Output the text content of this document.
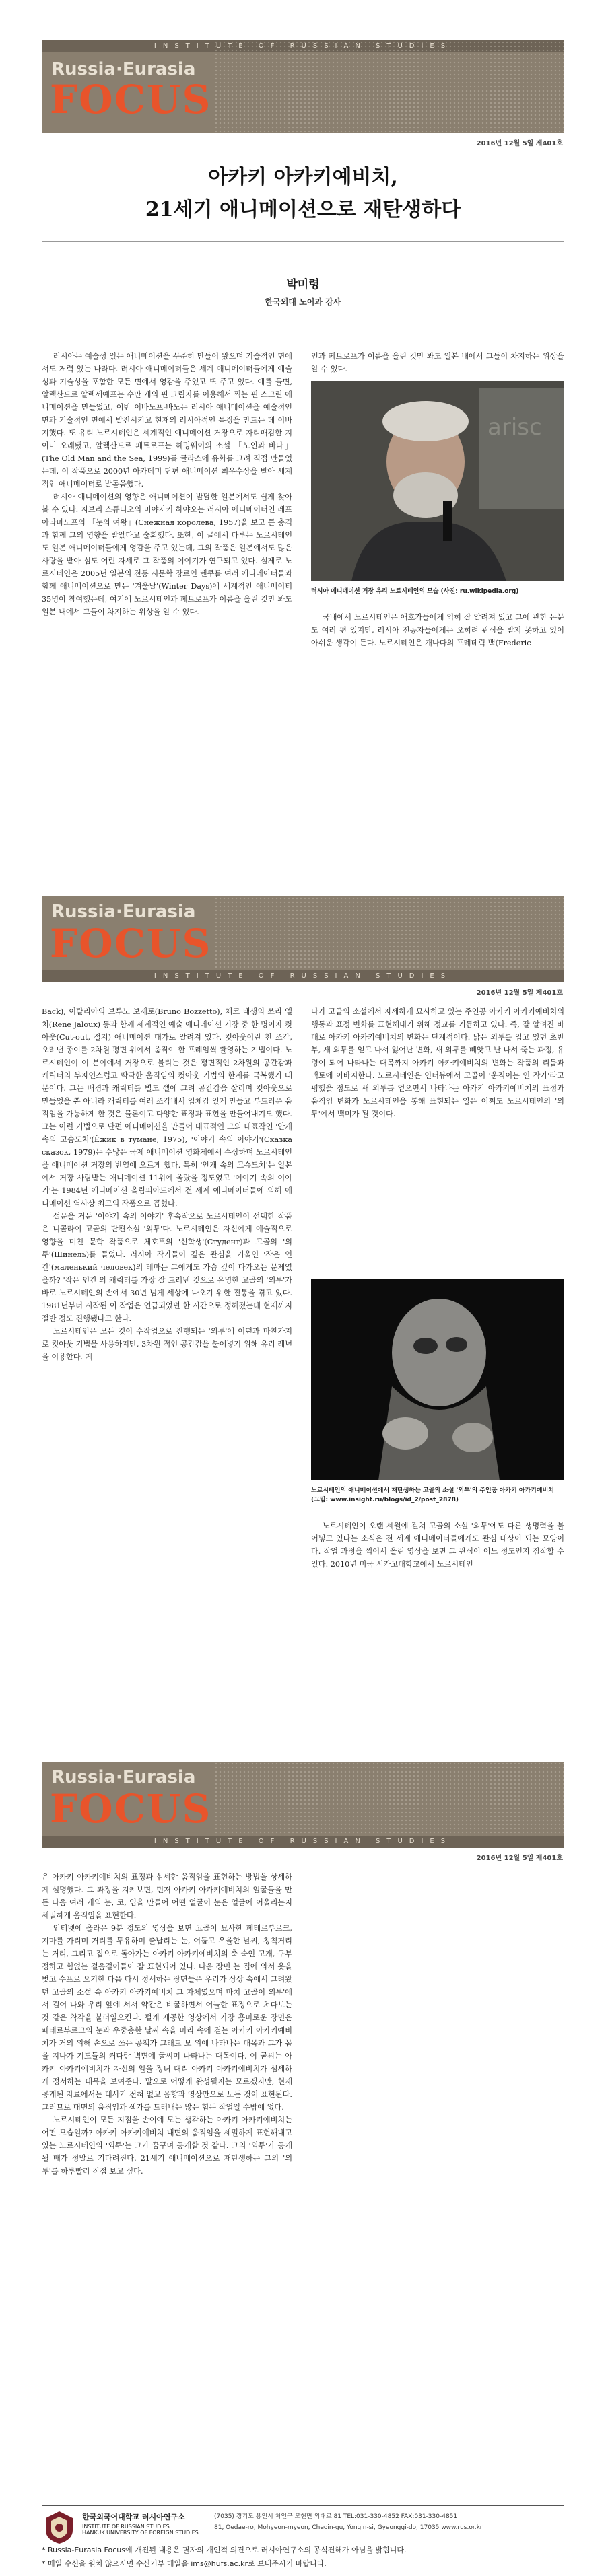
INSTITUTE OF RUSSIAN STUDIES
Russia·Eurasia
FOCUS
2016년 12월 5일 제401호
아카키 아카키예비치,
21세기 애니메이션으로 재탄생하다
박미령
한국외대 노어과 강사

러시아는 예술성 있는 애니메이션을 꾸준히 만들어 왔으며 기술적인 면에서도 저력 있는 나라다. 러시아 애니메이터들은 세계 애니메이터들에게 예술성과 기술성을 포함한 모든 면에서 영감을 주었고 또 주고 있다. 예를 들면, 알렉산드르 알렉세예프는 수만 개의 핀 그림자를 이용해서 찍는 핀 스크린 애니메이션을 만들었고, 이반 이바노프-바노는 러시아 애니메이션을 예술적인 면과 기술적인 면에서 발전시키고 현재의 러시아적인 특징을 만드는 데 이바지했다. 또 유리 노르시테인은 세계적인 애니메이션 거장으로 자리매김한 지 이미 오래됐고, 알렉산드르 페트로프는 헤밍웨이의 소설 「노인과 바다」(The Old Man and the Sea, 1999)를 글라스에 유화를 그려 직접 만들었는데, 이 작품으로 2000년 아카데미 단편 애니메이션 최우수상을 받아 세계적인 애니메이터로 발돋움했다.

러시아 애니메이션의 영향은 애니메이션이 발달한 일본에서도 쉽게 찾아볼 수 있다. 지브리 스튜디오의 미야자키 하야오는 러시아 애니메이터인 레프 아타마노프의 「눈의 여왕」(Снежная королева, 1957)을 보고 큰 충격과 함께 그의 영향을 받았다고 술회했다. 또한, 이 글에서 다루는 노르시테인도 일본 애니메이터들에게 영감을 주고 있는데, 그의 작품은 일본에서도 많은 사랑을 받아 심도 어린 자세로 그 작품의 이야기가 연구되고 있다. 실제로 노르시테인은 2005년 일본의 전통 시문학 장르인 렌쿠를 여러 애니메이터들과 함께 애니메이션으로 만든 '겨울날'(Winter Days)에 세계적인 애니메이터 35명이 참여했는데, 여기에 노르시테인과 페트로프가 이름을 올린 것만 봐도 일본 내에서 그들이 차지하는 위상을 알 수 있다.

인과 페트로프가 이름을 올린 것만 봐도 일본 내에서 그들이 차지하는 위상을 알 수 있다.

arisc
러시아 애니메이션 거장 유리 노르시테인의 모습 (사진: ru.wikipedia.org)

국내에서 노르시테인은 애호가들에게 익히 잘 알려져 있고 그에 관한 논문도 여러 편 있지만, 러시아 전공자들에게는 오히려 관심을 받지 못하고 있어 아쉬운 생각이 든다. 노르시테인은 개나다의 프레데릭 백(Frederic

Russia·Eurasia
FOCUS
INSTITUTE OF RUSSIAN STUDIES
2016년 12월 5일 제401호

Back), 이탈리아의 브루노 보제토(Bruno Bozzetto), 체코 태생의 쓰리 엘치(Rene Jaloux) 등과 함께 세계적인 예술 애니메이션 거장 중 한 명이자 컷아웃(Cut-out, 절지) 애니메이션 대가로 알려져 있다. 컷아웃이란 천 조각, 오려낸 종이를 2차원 평면 위에서 움직여 한 프레임씩 촬영하는 기법이다. 노르시테인이 이 분야에서 거장으로 불리는 것은 평면적인 2차원의 공간감과 캐릭터의 부자연스럽고 딱딱한 움직임의 컷아웃 기법의 한계를 극복했기 때문이다. 그는 배경과 캐릭터를 별도 셀에 그려 공간감을 살리며 컷아웃으로 만들었을 뿐 아니라 캐릭터를 여러 조각내서 입체감 있게 만들고 부드러운 움직임을 가능하게 한 것은 물론이고 다양한 표정과 표현을 만들어내기도 했다. 그는 이런 기법으로 단편 애니메이션을 만들어 대표적인 그의 대표작인 '안개 속의 고슴도치'(Ёжик в тумане, 1975), '이야기 속의 이야기'(Сказка сказок, 1979)는 수많은 국제 애니메이션 영화제에서 수상하며 노르시테인을 애니메이션 거장의 반열에 오르게 했다. 특히 '안개 속의 고슴도치'는 일본에서 거장 사람받는 애니메이션 11위에 올랐을 정도였고 '이야기 속의 이야기'는 1984년 애니메이션 올림피아드에서 전 세계 애니메이터들에 의해 애니메이션 역사상 최고의 작품으로 꼽혔다.

설운을 거둔 '이야기 속의 이야기' 후속작으로 노르시테인이 선택한 작품은 니콜라이 고골의 단편소설 '외투'다. 노르시테인은 자신에게 예술적으로 영향을 미친 문학 작품으로 체호프의 '신학생'(Студент)과 고골의 '외투'(Шинель)를 들었다. 러시아 작가들이 깊은 관심을 기울인 '작은 인간'(маленький человек)의 테마는 그에게도 가슴 깊이 다가오는 문제였을까? '작은 인간'의 캐릭터를 가장 잘 드러낸 것으로 유명한 고골의 '외투'가 바로 노르시테인의 손에서 30년 넘게 세상에 나오기 위한 진통을 겪고 있다. 1981년부터 시작된 이 작업은 언급되었던 한 시간으로 정해졌는데 현재까지 절반 정도 진행됐다고 한다.

노르시테인은 모든 것이 수작업으로 진행되는 '외투'에 어떤과 마찬가지로 컷아웃 기법을 사용하지만, 3차원 적인 공간감을 불어넣기 위해 유리 레넌을 이용한다. 게

다가 고골의 소설에서 자세하게 묘사하고 있는 주인공 아카키 아카키예비치의 행동과 표정 변화를 표현해내기 위해 정교를 거듭하고 있다. 즉, 잘 알려진 바대로 아카키 아카키예비치의 변화는 단계적이다. 낡은 외투를 입고 있던 초반부, 새 외투를 얻고 나서 잃어난 변화, 새 외투를 빼앗고 난 나서 죽는 과정, 유령이 되어 나타나는 대목까지 아카키 아카키예비치의 변화는 작품의 리듬과 맥토에 이바지한다. 노르시테인은 인터뷰에서 고골이 '움직이는 인 작가'라고 평했을 정도로 새 외투를 얻으면서 나타나는 아카키 아카키예비치의 표정과 움직임 변화가 노르시테인을 통해 표현되는 일은 어쩌도 노르시테인의 '외투'에서 백미가 될 것이다.

노르시테인의 애니메이션에서 재탄생하는 고골의 소설 '외투'의 주인공 아카키 아카키예비치 (그림: www.insight.ru/blogs/id_2/post_2878)

노르시테인이 오랜 세월에 걸쳐 고골의 소설 '외투'에도 다른 생명력을 불어넣고 있다는 소식은 전 세계 애니메이터들에게도 관심 대상이 되는 모양이다. 작업 과정을 찍어서 올린 영상을 보면 그 관심이 어느 정도인지 짐작할 수 있다. 2010년 미국 시카고대학교에서 노르시테인

Russia·Eurasia
FOCUS
INSTITUTE OF RUSSIAN STUDIES
2016년 12월 5일 제401호

은 아카키 아카키예비치의 표정과 섬세한 움직임을 표현하는 방법을 상세하게 설명했다. 그 과정을 지켜보면, 먼저 아카키 아카키예비치의 얼굴들을 만든 다음 여러 개의 눈, 코, 입을 만들어 어떤 얼굴이 눈은 얼굴에 어울리는지 세밀하게 움직임을 표현한다.

인터넷에 올라온 9분 정도의 영상을 보면 고골이 묘사한 페테르부르크, 지마를 가리며 거리를 투유하며 출납리는 눈, 어둡고 우울한 날씨, 칭칙거리는 거리, 그리고 집으로 돌아가는 아카키 아카키예비치의 축 숙인 고개, 구부정하고 힘없는 걸음걸이들이 잘 표현되어 있다. 다음 장면 는 집에 와서 옷을 벗고 수프로 요기한 다음 다시 정서하는 장면들은 우리가 상상 속에서 그려왔던 고골의 소설 속 아카키 아카키예비치 그 자체였으며 마치 고골이 외투'에서 걸어 나와 우리 앞에 서서 약간은 비굴하면서 어눌한 표정으로 쳐다보는 것 같은 착각을 불러일으킨다. 펄게 제공한 영상에서 가장 흥미로운 장면은 페테르부르크의 눈과 우중충한 날씨 속을 미리 속에 걷는 아카키 아카키예비치가 거의 위해 손으로 쓰는 공책가 그래드 모 위에 나타나는 대목과 그가 몸을 지나가 기도들의 커다란 벽면에 굴씨며 나타나는 대목이다. 이 굳씨는 아카키 아카키예비치가 자신의 일을 정녀 대리 아카키 아카키예비치가 섬세하게 정서하는 대목을 보여준다. 말오로 어떻게 완성될지는 모르겠지만, 현재 공개된 자료에서는 대사가 전혀 없고 음향과 영상만으로 모든 것이 표현된다. 그러므로 대면의 움직임과 색가를 드러내는 많은 힘든 작업일 수밖에 없다.

노르시테인이 모든 지점을 손이에 모는 생각하는 아카키 아카키예비치는 어떤 모습일까? 아카키 아카키예비치 내면의 움직임을 세밀하게 표현해내고 있는 노르시테인의 '외투'는 그가 꿈꾸며 공개할 것 같다. 그의 '외투'가 공개될 때가 정말로 기다려진다. 21세기 애니메이션으로 재탄생하는 그의 '외투'를 하루빨리 직접 보고 싶다.

한국외국어대학교 러시아연구소
INSTITUTE OF RUSSIAN STUDIES
HANKUK UNIVERSITY OF FOREIGN STUDIES
(7035) 경기도 용인시 처인구 모현면 외대로 81 TEL:031-330-4852 FAX:031-330-4851
81, Oedae-ro, Mohyeon-myeon, Cheoin-gu, Yongin-si, Gyeonggi-do, 17035 www.rus.or.kr
* Russia-Eurasia Focus에 개진된 내용은 필자의 개인적 의견으로 러시아연구소의 공식견해가 아님을 밝힙니다.
* 메일 수신을 원치 않으시면 수신거부 메일을 ims@hufs.ac.kr로 보내주시기 바랍니다.
